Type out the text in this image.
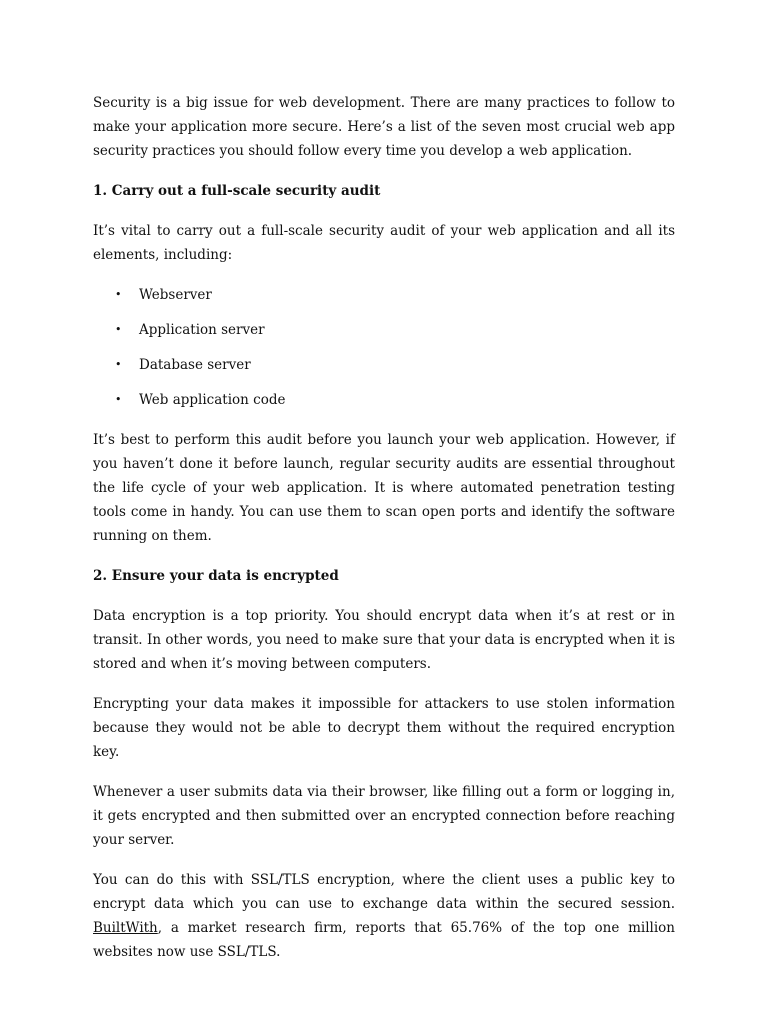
Security is a big issue for web development. There are many practices to follow to make your application more secure. Here’s a list of the seven most crucial web app security practices you should follow every time you develop a web application.

1. Carry out a full-scale security audit

It’s vital to carry out a full-scale security audit of your web application and all its elements, including:

• Webserver
• Application server
• Database server
• Web application code

It’s best to perform this audit before you launch your web application. However, if you haven’t done it before launch, regular security audits are essential throughout the life cycle of your web application. It is where automated penetration testing tools come in handy. You can use them to scan open ports and identify the software running on them.

2. Ensure your data is encrypted

Data encryption is a top priority. You should encrypt data when it’s at rest or in transit. In other words, you need to make sure that your data is encrypted when it is stored and when it’s moving between computers.

Encrypting your data makes it impossible for attackers to use stolen information because they would not be able to decrypt them without the required encryption key.

Whenever a user submits data via their browser, like filling out a form or logging in, it gets encrypted and then submitted over an encrypted connection before reaching your server.

You can do this with SSL/TLS encryption, where the client uses a public key to encrypt data which you can use to exchange data within the secured session. BuiltWith, a market research firm, reports that 65.76% of the top one million websites now use SSL/TLS.
